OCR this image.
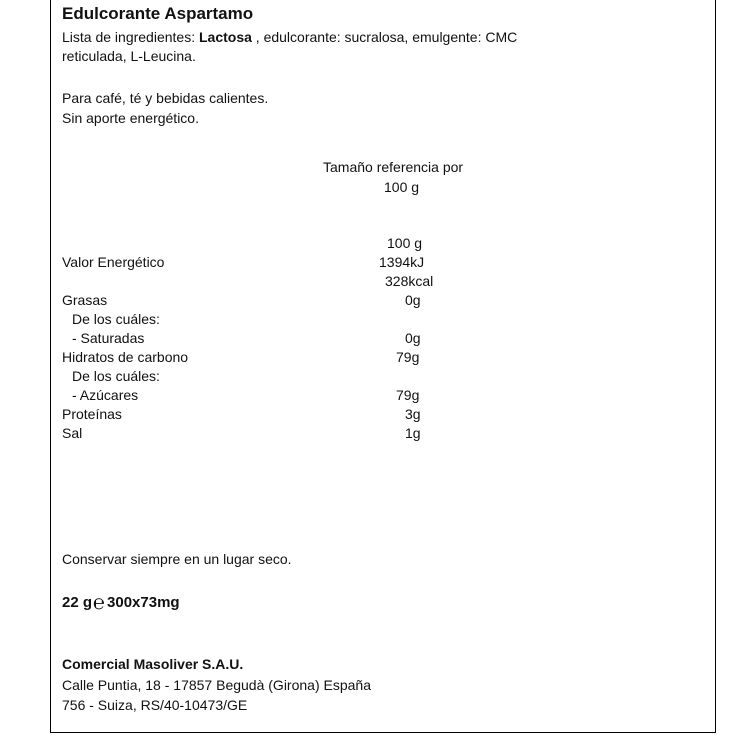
Edulcorante Aspartamo
Lista de ingredientes: Lactosa , edulcorante: sucralosa, emulgente: CMC
reticulada, L-Leucina.
Para café, té y bebidas calientes.
Sin aporte energético.
Tamaño referencia por
100 g
100 g
Valor Energético	1394kJ
328kcal
Grasas	0g
De los cuáles:
- Saturadas	0g
Hidratos de carbono	79g
De los cuáles:
- Azúcares	79g
Proteínas	3g
Sal	1g
Conservar siempre en un lugar seco.
22 g℮ 300x73mg
Comercial Masoliver S.A.U.
Calle Puntia, 18 - 17857 Begudà (Girona) España
756 - Suiza, RS/40-10473/GE
